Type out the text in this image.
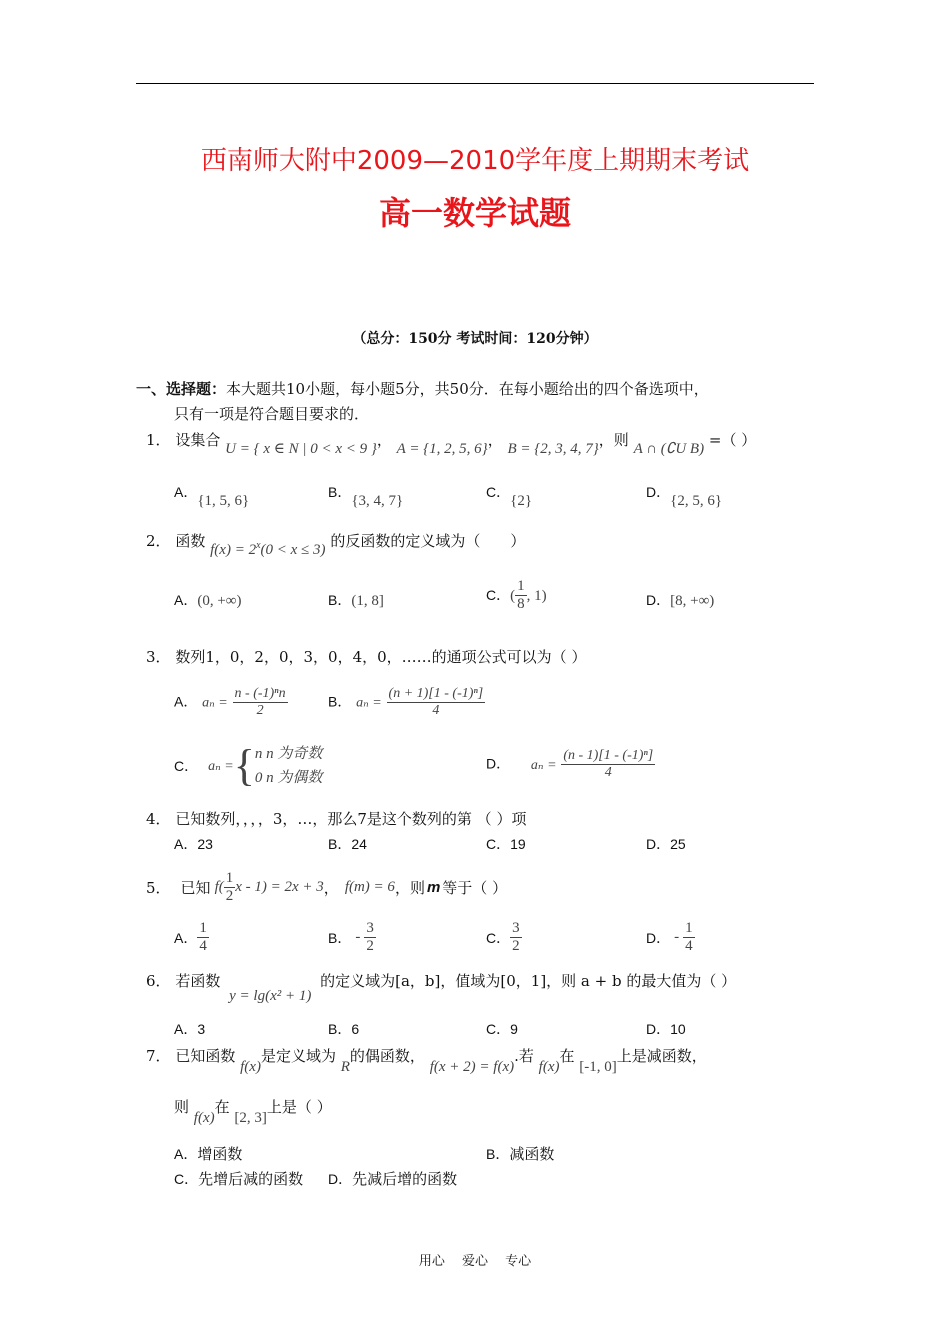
西南师大附中2009—2010学年度上期期末考试
高一数学试题
（总分：150分 考试时间：120分钟）
一、选择题：本大题共10小题，每小题5分，共50分．在每小题给出的四个备选项中，
只有一项是符合题目要求的．
1． 设集合 U = { x ∈ N | 0 < x < 9 }， A = {1, 2, 5, 6}， B = {2, 3, 4, 7}，则 A ∩ (∁U B) =（ ）
A．{1, 5, 6}
B．{3, 4, 7}
C．{2}
D．{2, 5, 6}
2． 函数 $f(x) = 2^x(0 < x \le 3)$ 的反函数的定义域为（　　）
A．(0, +∞)	B．(1, 8]	C．( $\frac{1}{8}$ , 1)	D．[8, +∞)
3． 数列1，0，2，0，3，0，4，0，……的通项公式可以为（ ）
A． $a_n = \frac{\text{n - (-1)ⁿn}}{2}$	B． $a_n = \frac{\text{(n + 1)[1 - (-1)ⁿ]}}{4}$
C． aₙ = { n n 为奇数
0 n 为偶数
D． $a_n = \frac{\text{(n - 1)[1 - (-1)ⁿ]}}{4}$
4． 已知数列，，，，3，…，那么7是这个数列的第 （ ）项
A．23	B．24	C．19	D．25
5． 已知 $f( \frac{1}{2}$ x - 1) = 2x + 3 ， f(m) = 6 ，则 m 等于（ ）
A． $\frac{1}{4}$	B． - $\frac{3}{2}$	C． $\frac{3}{2}$	D． - $\frac{1}{4}$
6． 若函数 y = lg(x² + 1) 的定义域为[a，b]，值域为[0，1]，则 a + b 的最大值为（ ）
A．3	B．6	C．9	D．10
7． 已知函数 f(x)是定义域为 R的偶函数， f(x + 2) = f(x).若 f(x)在 [-1, 0]上是减函数，
则 f(x)在 [2, 3]上是（ ）
A．增函数	B．减函数
C．先增后减的函数 D．先减后增的函数
用心　 爱心　 专心
